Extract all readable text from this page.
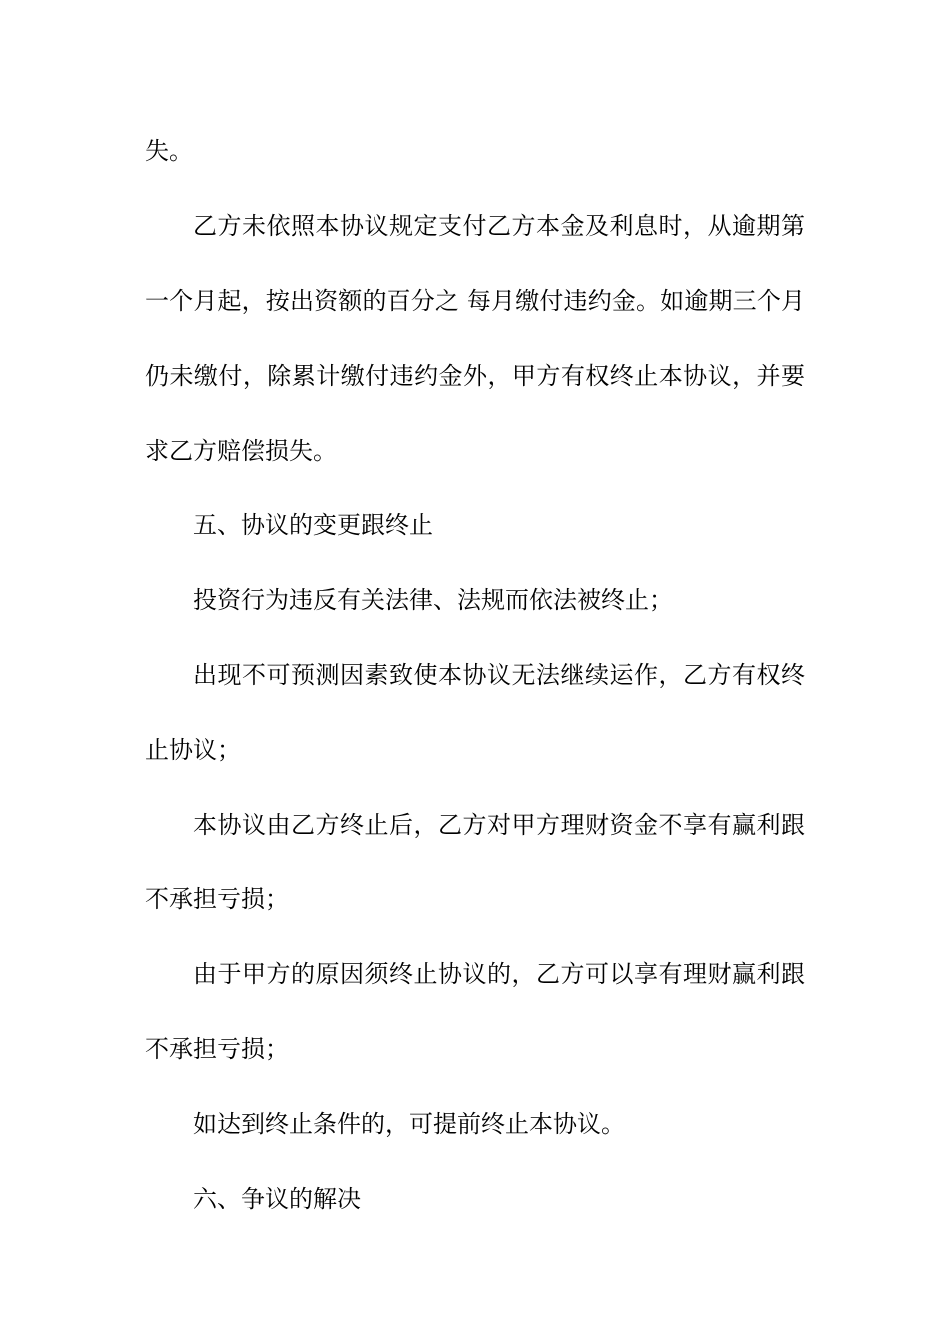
失。
乙方未依照本协议规定支付乙方本金及利息时，从逾期第
一个月起，按出资额的百分之 每月缴付违约金。如逾期三个月
仍未缴付，除累计缴付违约金外，甲方有权终止本协议，并要
求乙方赔偿损失。
五、协议的变更跟终止
投资行为违反有关法律、法规而依法被终止；
出现不可预测因素致使本协议无法继续运作，乙方有权终
止协议；
本协议由乙方终止后，乙方对甲方理财资金不享有赢利跟
不承担亏损；
由于甲方的原因须终止协议的，乙方可以享有理财赢利跟
不承担亏损；
如达到终止条件的，可提前终止本协议。
六、争议的解决
